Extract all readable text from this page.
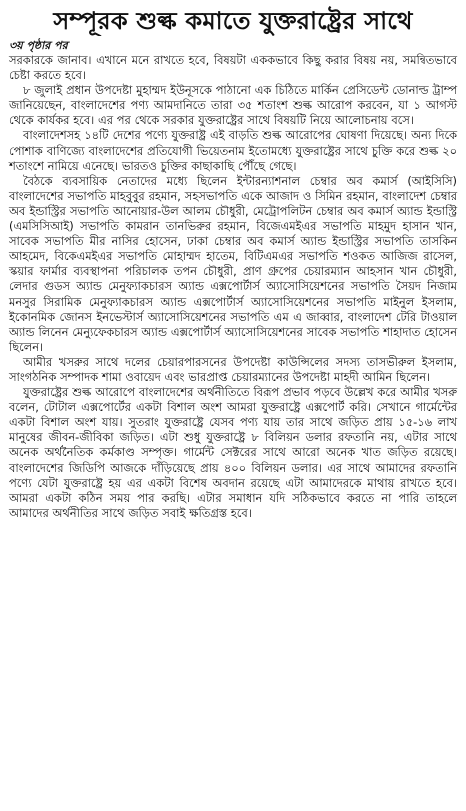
সম্পূরক শুল্ক কমাতে যুক্তরাষ্ট্রের সাথে
৩য় পৃষ্ঠার পর

সরকারকে জানাব। এখানে মনে রাখতে হবে, বিষয়টা এককভাবে কিছু করার বিষয় নয়, সমন্বিতভাবে চেষ্টা করতে হবে।

৮ জুলাই প্রধান উপদেষ্টা মুহাম্মদ ইউনূসকে পাঠানো এক চিঠিতে মার্কিন প্রেসিডেন্ট ডোনাল্ড ট্রাম্প জানিয়েছেন, বাংলাদেশের পণ্য আমদানিতে তারা ৩৫ শতাংশ শুল্ক আরোপ করবেন, যা ১ আগস্ট থেকে কার্যকর হবে। এর পর থেকে সরকার যুক্তরাষ্ট্রের সাথে বিষয়টি নিয়ে আলোচনায় বসে।

বাংলাদেশসহ ১৪টি দেশের পণ্যে যুক্তরাষ্ট্র এই বাড়তি শুল্ক আরোপের ঘোষণা দিয়েছে। অন্য দিকে পোশাক বাণিজ্যে বাংলাদেশের প্রতিযোগী ভিয়েতনাম ইতোমধ্যে যুক্তরাষ্ট্রের সাথে চুক্তি করে শুল্ক ২০ শতাংশে নামিয়ে এনেছে। ভারতও চুক্তির কাছাকাছি পৌঁছে গেছে।

বৈঠকে ব্যবসায়িক নেতাদের মধ্যে ছিলেন ইন্টারন্যাশনাল চেম্বার অব কমার্স (আইসিসি) বাংলাদেশের সভাপতি মাহবুবুর রহমান, সহসভাপতি একে আজাদ ও সিমিন রহমান, বাংলাদেশ চেম্বার অব ইন্ডাস্ট্রির সভাপতি আনোয়ার-উল আলম চৌধুরী, মেট্রোপলিটন চেম্বার অব কমার্স অ্যান্ড ইন্ডাস্ট্রি (এমসিসিআই) সভাপতি কামরান তানভিরুর রহমান, বিজেএমইএর সভাপতি মাহমুদ হাসান খান, সাবেক সভাপতি মীর নাসির হোসেন, ঢাকা চেম্বার অব কমার্স অ্যান্ড ইন্ডাস্ট্রির সভাপতি তাসকিন আহমেদ, বিকেএমইএর সভাপতি মোহাম্মদ হাতেম, বিটিএমএর সভাপতি শওকত আজিজ রাসেল, স্কয়ার ফার্মার ব্যবস্থাপনা পরিচালক তপন চৌধুরী, প্রাণ গ্রুপের চেয়ারম্যান আহসান খান চৌধুরী, লেদার গুডস অ্যান্ড মেনুফ্যাকচারস অ্যান্ড এক্সপোর্টার্স অ্যাসোসিয়েশনের সভাপতি সৈয়দ নিজাম মনসুর সিরামিক মেনুফ্যাকচারস অ্যান্ড এক্সপোর্টার্স অ্যাসোসিয়েশনের সভাপতি মাইনুল ইসলাম, ইকোনমিক জোনস ইনভেস্টার্স অ্যাসোসিয়েশনের সভাপতি এম এ জাব্বার, বাংলাদেশ টেরি টাওয়াল অ্যান্ড লিনেন মেন্যুফেকচারস অ্যান্ড এক্সপোর্টার্স অ্যাসোসিয়েশনের সাবেক সভাপতি শাহাদাত হোসেন ছিলেন।

আমীর খসরুর সাথে দলের চেয়ারপারসনের উপদেষ্টা কাউন্সিলের সদস্য তাসভীরুল ইসলাম, সাংগঠনিক সম্পাদক শামা ওবায়েদ এবং ভারপ্রাপ্ত চেয়ারম্যানের উপদেষ্টা মাহদী আমিন ছিলেন।

যুক্তরাষ্ট্রের শুল্ক আরোপে বাংলাদেশের অর্থনীতিতে বিরূপ প্রভাব পড়বে উল্লেখ করে আমীর খসরু বলেন, টোটাল এক্সপোর্টের একটা বিশাল অংশ আমরা যুক্তরাষ্ট্রে এক্সপোর্ট করি। সেখানে গার্মেন্টের একটা বিশাল অংশ যায়। সুতরাং যুক্তরাষ্ট্রে যেসব পণ্য যায় তার সাথে জড়িত প্রায় ১৫-১৬ লাখ মানুষের জীবন-জীবিকা জড়িত। এটা শুধু যুক্তরাষ্ট্রে ৮ বিলিয়ন ডলার রফতানি নয়, এটার সাথে অনেক অর্থনৈতিক কর্মকাণ্ড সম্পৃক্ত। গার্মেন্ট সেক্টরের সাথে আরো অনেক খাত জড়িত রয়েছে। বাংলাদেশের জিডিপি আজকে দাঁড়িয়েছে প্রায় ৪০০ বিলিয়ন ডলার। এর সাথে আমাদের রফতানি পণ্যে যেটা যুক্তরাষ্ট্রে হয় এর একটা বিশেষ অবদান রয়েছে এটা আমাদেরকে মাথায় রাখতে হবে। আমরা একটা কঠিন সময় পার করছি। এটার সমাধান যদি সঠিকভাবে করতে না পারি তাহলে আমাদের অর্থনীতির সাথে জড়িত সবাই ক্ষতিগ্রস্ত হবে।
